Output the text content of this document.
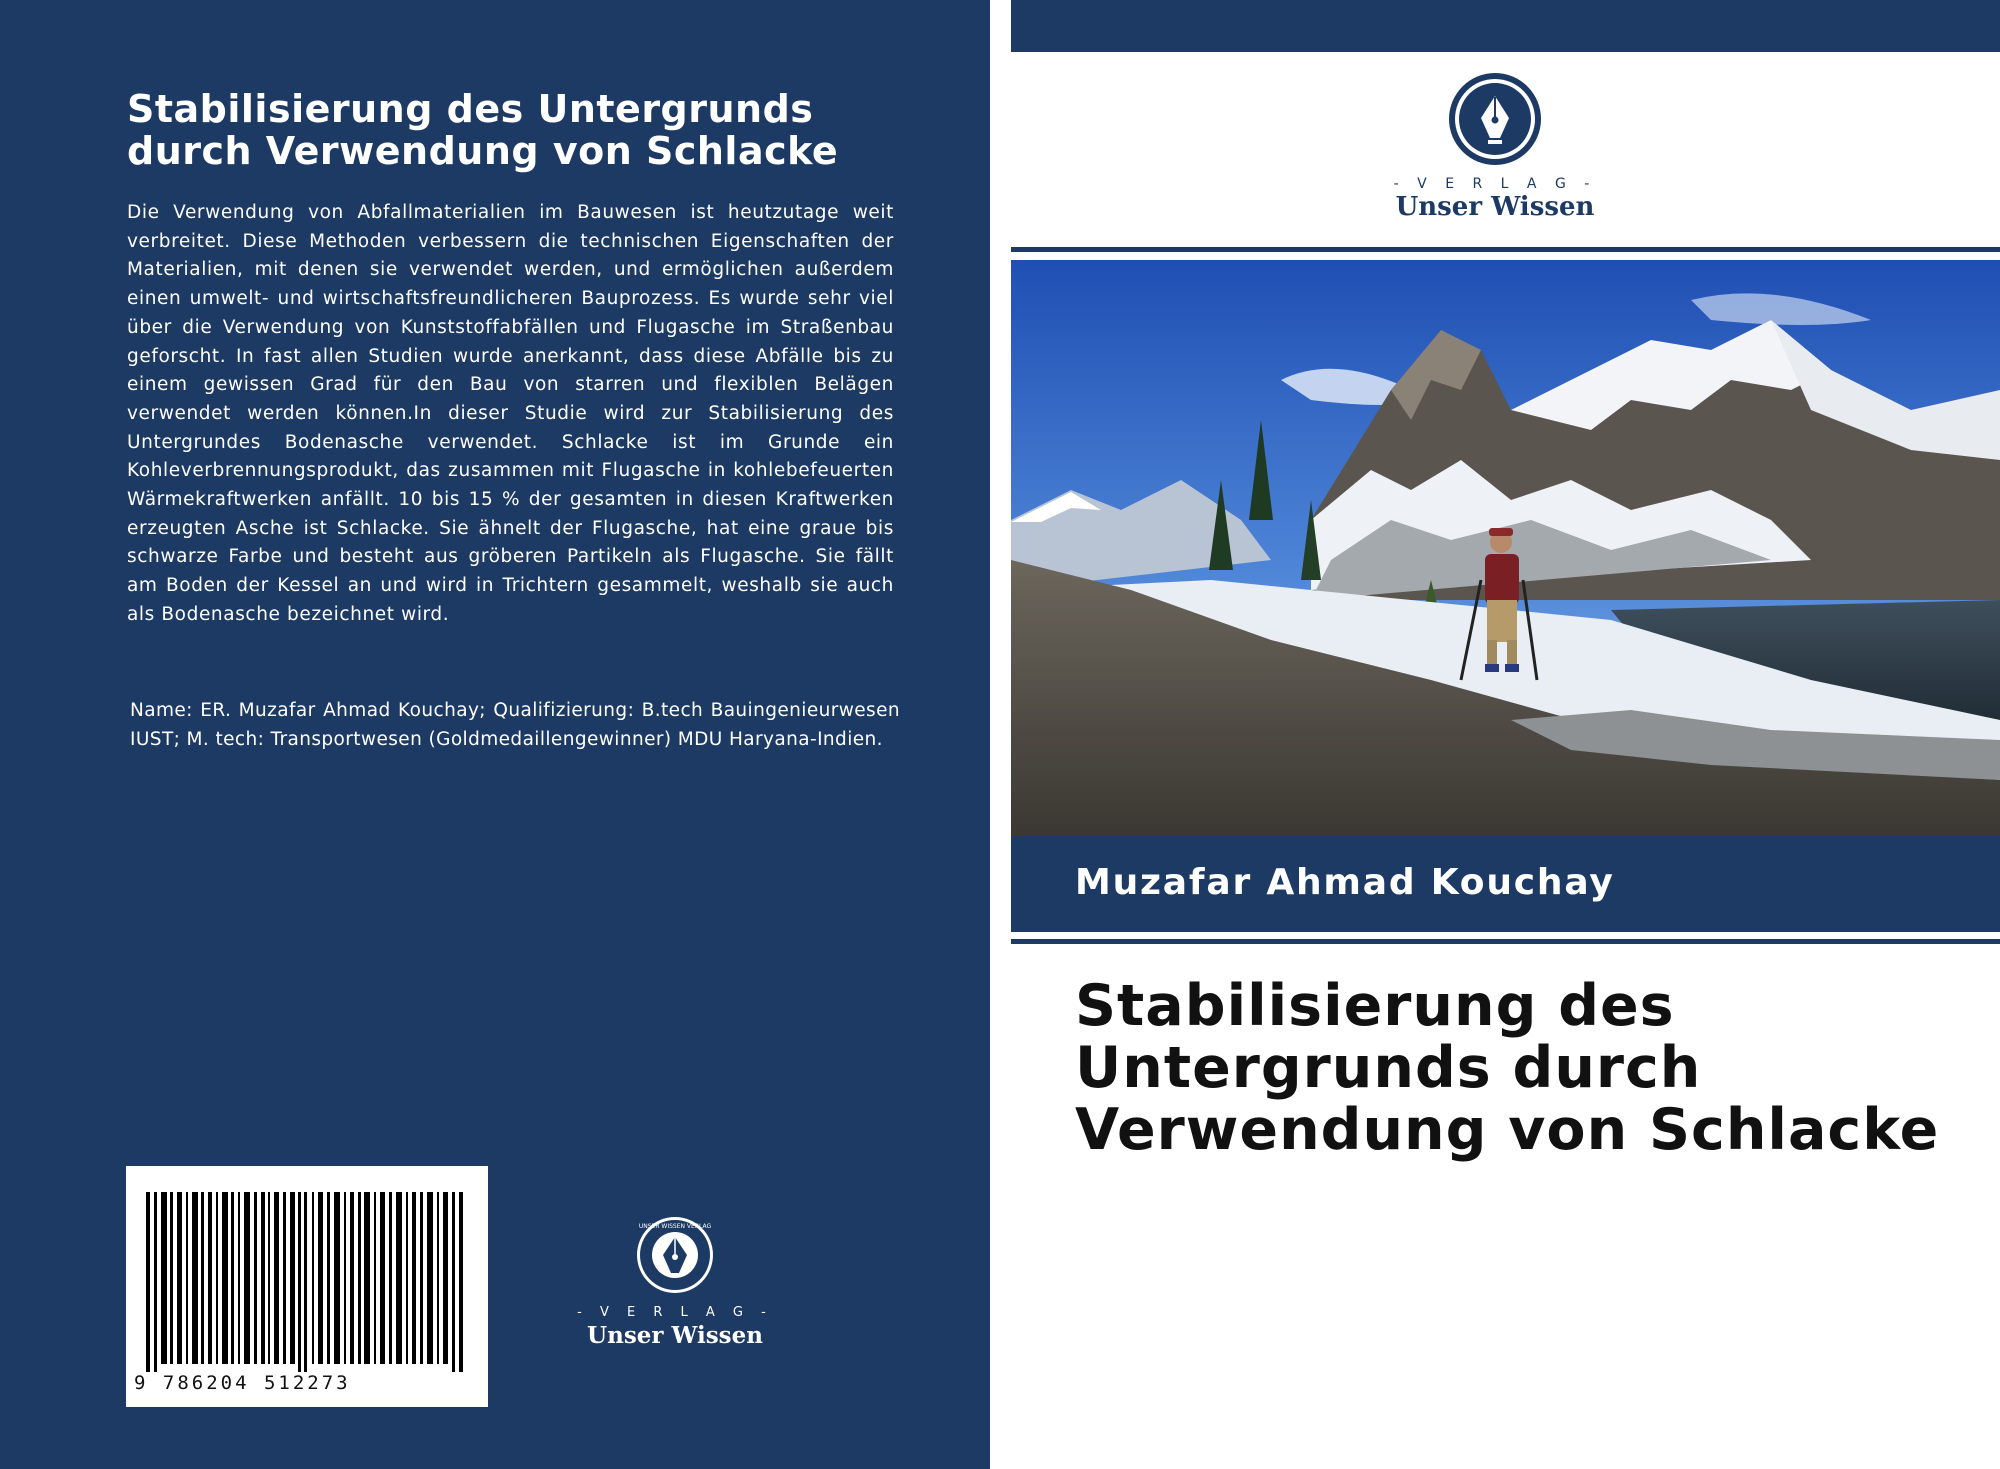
Stabilisierung des Untergrunds durch Verwendung von Schlacke
Die Verwendung von Abfallmaterialien im Bauwesen ist heutzutage weit verbreitet. Diese Methoden verbessern die technischen Eigenschaften der Materialien, mit denen sie verwendet werden, und ermöglichen außerdem einen umwelt- und wirtschaftsfreundlicheren Bauprozess. Es wurde sehr viel über die Verwendung von Kunststoffabfällen und Flugasche im Straßenbau geforscht. In fast allen Studien wurde anerkannt, dass diese Abfälle bis zu einem gewissen Grad für den Bau von starren und flexiblen Belägen verwendet werden können.In dieser Studie wird zur Stabilisierung des Untergrundes Bodenasche verwendet. Schlacke ist im Grunde ein Kohleverbrennungsprodukt, das zusammen mit Flugasche in kohlebefeuerten Wärmekraftwerken anfällt. 10 bis 15 % der gesamten in diesen Kraftwerken erzeugten Asche ist Schlacke. Sie ähnelt der Flugasche, hat eine graue bis schwarze Farbe und besteht aus gröberen Partikeln als Flugasche. Sie fällt am Boden der Kessel an und wird in Trichtern gesammelt, weshalb sie auch als Bodenasche bezeichnet wird.
Name: ER. Muzafar Ahmad Kouchay; Qualifizierung: B.tech Bauingenieurwesen IUST; M. tech: Transportwesen (Goldmedaillengewinner) MDU Haryana-Indien.
9 786204 512273
UNSER WISSEN VERLAG
- V E R L A G -
Unser Wissen
- V E R L A G -
Unser Wissen
Muzafar Ahmad Kouchay
Stabilisierung des Untergrunds durch Verwendung von Schlacke
